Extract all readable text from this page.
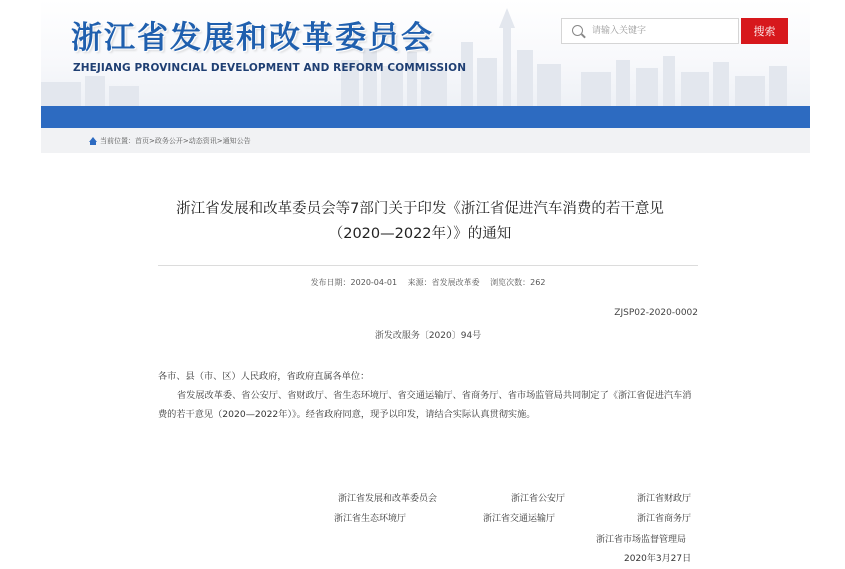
浙江省发展和改革委员会
ZHEJIANG PROVINCIAL DEVELOPMENT AND REFORM COMMISSION
请输入关键字
搜索
当前位置：首页>政务公开>动态资讯>通知公告
浙江省发展和改革委员会等7部门关于印发《浙江省促进汽车消费的若干意见
（2020—2022年）》的通知
发布日期：2020-04-01 来源：省发展改革委 浏览次数：262
ZJSP02-2020-0002
浙发改服务〔2020〕94号
各市、县（市、区）人民政府，省政府直属各单位：
省发展改革委、省公安厅、省财政厅、省生态环境厅、省交通运输厅、省商务厅、省市场监管局共同制定了《浙江省促进汽车消费的若干意见（2020—2022年）》。经省政府同意，现予以印发，请结合实际认真贯彻实施。
浙江省发展和改革委员会	浙江省公安厅	浙江省财政厅
浙江省生态环境厅	浙江省交通运输厅	浙江省商务厅
浙江省市场监督管理局
2020年3月27日
